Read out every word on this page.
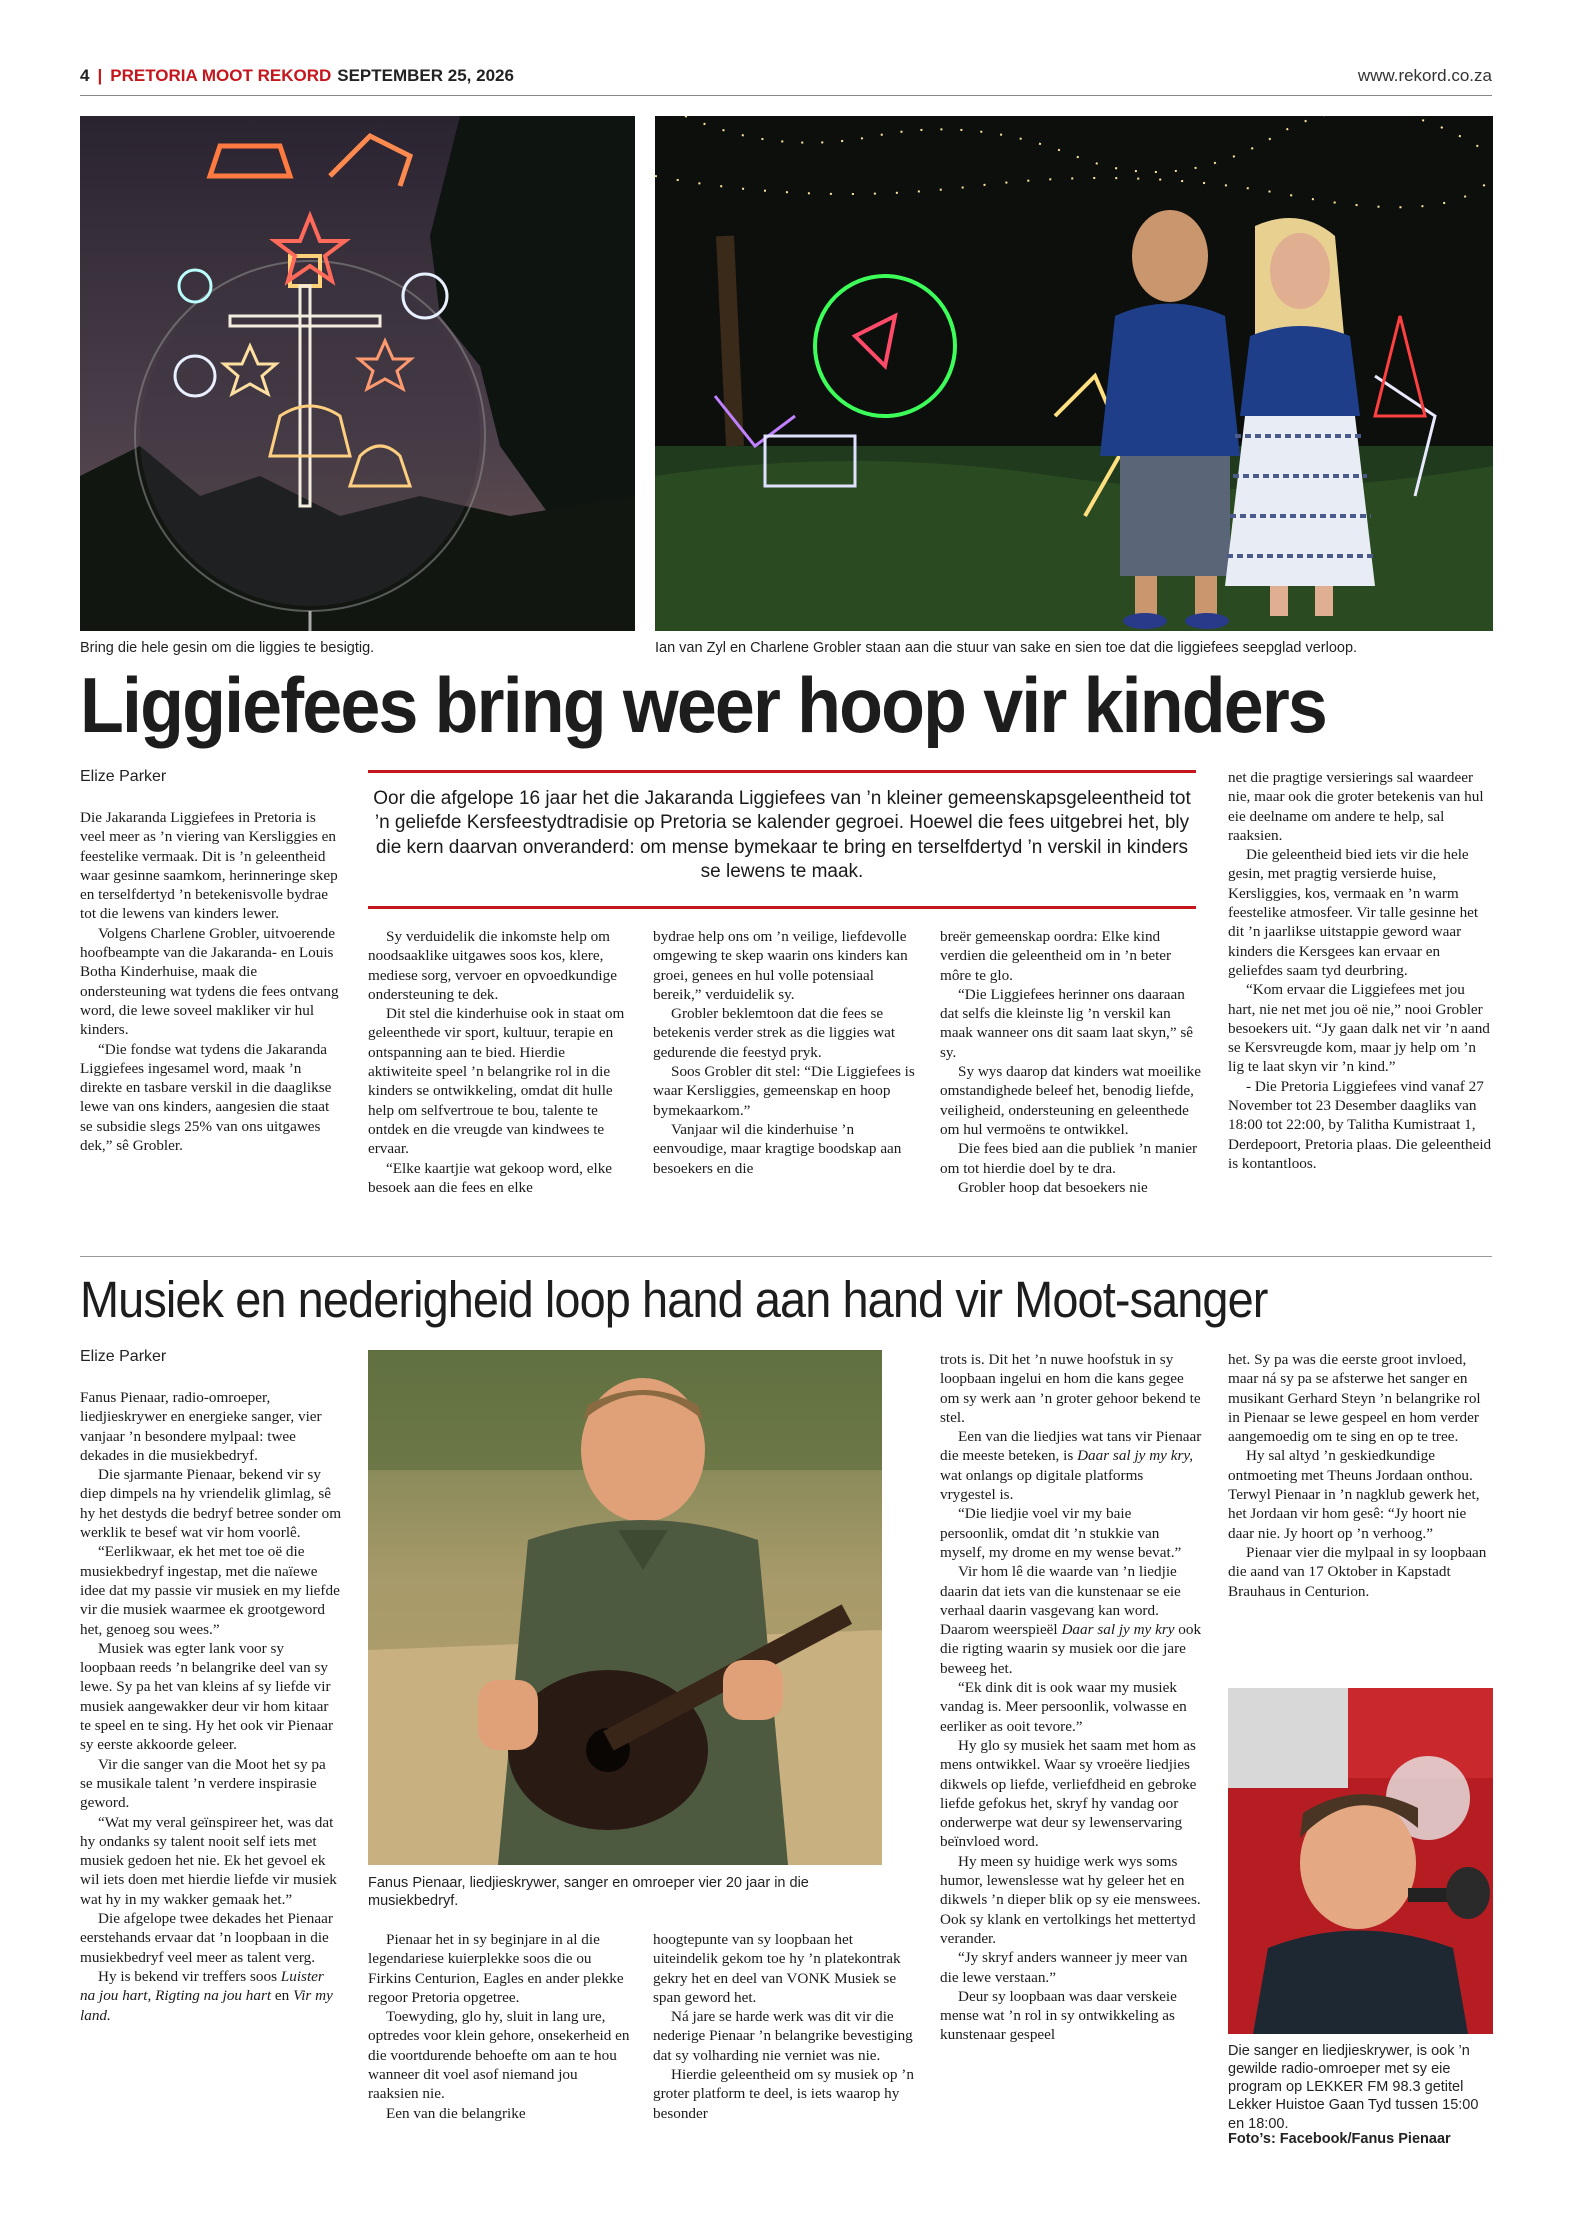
4 | PRETORIA MOOT REKORD SEPTEMBER 25, 2026	www.rekord.co.za
Bring die hele gesin om die liggies te besigtig.	Ian van Zyl en Charlene Grobler staan aan die stuur van sake en sien toe dat die liggiefees seepglad verloop.
Liggiefees bring weer hoop vir kinders
Elize Parker
Oor die afgelope 16 jaar het die Jakaranda Liggiefees van ’n kleiner gemeenskapsgeleentheid tot ’n geliefde Kersfeestydtradisie op Pretoria se kalender gegroei. Hoewel die fees uitgebrei het, bly die kern daarvan onveranderd: om mense bymekaar te bring en terselfdertyd ’n verskil in kinders se lewens te maak.

Die Jakaranda Liggiefees in Pretoria is veel meer as ’n viering van Kersliggies en feestelike vermaak. Dit is ’n geleentheid waar gesinne saamkom, herinneringe skep en terselfdertyd ’n betekenisvolle bydrae tot die lewens van kinders lewer.

Volgens Charlene Grobler, uitvoerende hoofbeampte van die Jakaranda- en Louis Botha Kinderhuise, maak die ondersteuning wat tydens die fees ontvang word, die lewe soveel makliker vir hul kinders.

“Die fondse wat tydens die Jakaranda Liggiefees ingesamel word, maak ’n direkte en tasbare verskil in die daaglikse lewe van ons kinders, aangesien die staat se subsidie slegs 25% van ons uitgawes dek,” sê Grobler.

Sy verduidelik die inkomste help om noodsaaklike uitgawes soos kos, klere, mediese sorg, vervoer en opvoedkundige ondersteuning te dek.

Dit stel die kinderhuise ook in staat om geleenthede vir sport, kultuur, terapie en ontspanning aan te bied. Hierdie aktiwiteite speel ’n belangrike rol in die kinders se ontwikkeling, omdat dit hulle help om selfvertroue te bou, talente te ontdek en die vreugde van kindwees te ervaar.

“Elke kaartjie wat gekoop word, elke besoek aan die fees en elke

bydrae help ons om ’n veilige, liefdevolle omgewing te skep waarin ons kinders kan groei, genees en hul volle potensiaal bereik,” verduidelik sy.

Grobler beklemtoon dat die fees se betekenis verder strek as die liggies wat gedurende die feestyd pryk.

Soos Grobler dit stel: “Die Liggiefees is waar Kersliggies, gemeenskap en hoop bymekaarkom.”

Vanjaar wil die kinderhuise ’n eenvoudige, maar kragtige boodskap aan besoekers en die

breër gemeenskap oordra: Elke kind verdien die geleentheid om in ’n beter môre te glo.

“Die Liggiefees herinner ons daaraan dat selfs die kleinste lig ’n verskil kan maak wanneer ons dit saam laat skyn,” sê sy.

Sy wys daarop dat kinders wat moeilike omstandighede beleef het, benodig liefde, veiligheid, ondersteuning en geleenthede om hul vermoëns te ontwikkel.

Die fees bied aan die publiek ’n manier om tot hierdie doel by te dra.

Grobler hoop dat besoekers nie

net die pragtige versierings sal waardeer nie, maar ook die groter betekenis van hul eie deelname om andere te help, sal raaksien.

Die geleentheid bied iets vir die hele gesin, met pragtig versierde huise, Kersliggies, kos, vermaak en ’n warm feestelike atmosfeer. Vir talle gesinne het dit ’n jaarlikse uitstappie geword waar kinders die Kersgees kan ervaar en geliefdes saam tyd deurbring.

“Kom ervaar die Liggiefees met jou hart, nie net met jou oë nie,” nooi Grobler besoekers uit. “Jy gaan dalk net vir ’n aand se Kersvreugde kom, maar jy help om ’n lig te laat skyn vir ’n kind.”

- Die Pretoria Liggiefees vind vanaf 27 November tot 23 Desember daagliks van 18:00 tot 22:00, by Talitha Kumistraat 1, Derdepoort, Pretoria plaas. Die geleentheid is kontantloos.

Musiek en nederigheid loop hand aan hand vir Moot-sanger
Elize Parker

Fanus Pienaar, radio-omroeper, liedjieskrywer en energieke sanger, vier vanjaar ’n besondere mylpaal: twee dekades in die musiekbedryf.

Die sjarmante Pienaar, bekend vir sy diep dimpels na hy vriendelik glimlag, sê hy het destyds die bedryf betree sonder om werklik te besef wat vir hom voorlê.

“Eerlikwaar, ek het met toe oë die musiekbedryf ingestap, met die naïewe idee dat my passie vir musiek en my liefde vir die musiek waarmee ek grootgeword het, genoeg sou wees.”

Musiek was egter lank voor sy loopbaan reeds ’n belangrike deel van sy lewe. Sy pa het van kleins af sy liefde vir musiek aangewakker deur vir hom kitaar te speel en te sing. Hy het ook vir Pienaar sy eerste akkoorde geleer.

Vir die sanger van die Moot het sy pa se musikale talent ’n verdere inspirasie geword.

“Wat my veral geïnspireer het, was dat hy ondanks sy talent nooit self iets met musiek gedoen het nie. Ek het gevoel ek wil iets doen met hierdie liefde vir musiek wat hy in my wakker gemaak het.”

Die afgelope twee dekades het Pienaar eerstehands ervaar dat ’n loopbaan in die musiekbedryf veel meer as talent verg.

Hy is bekend vir treffers soos Luister na jou hart, Rigting na jou hart en Vir my land.

Fanus Pienaar, liedjieskrywer, sanger en omroeper vier 20 jaar in die musiekbedryf.

Pienaar het in sy beginjare in al die legendariese kuierplekke soos die ou Firkins Centurion, Eagles en ander plekke regoor Pretoria opgetree.

Toewyding, glo hy, sluit in lang ure, optredes voor klein gehore, onsekerheid en die voortdurende behoefte om aan te hou wanneer dit voel asof niemand jou raaksien nie.

Een van die belangrike

hoogtepunte van sy loopbaan het uiteindelik gekom toe hy ’n platekontrak gekry het en deel van VONK Musiek se span geword het.

Ná jare se harde werk was dit vir die nederige Pienaar ’n belangrike bevestiging dat sy volharding nie verniet was nie.

Hierdie geleentheid om sy musiek op ’n groter platform te deel, is iets waarop hy besonder

trots is. Dit het ’n nuwe hoofstuk in sy loopbaan ingelui en hom die kans gegee om sy werk aan ’n groter gehoor bekend te stel.

Een van die liedjies wat tans vir Pienaar die meeste beteken, is Daar sal jy my kry, wat onlangs op digitale platforms vrygestel is.

“Die liedjie voel vir my baie persoonlik, omdat dit ’n stukkie van myself, my drome en my wense bevat.”

Vir hom lê die waarde van ’n liedjie daarin dat iets van die kunstenaar se eie verhaal daarin vasgevang kan word. Daarom weerspieël Daar sal jy my kry ook die rigting waarin sy musiek oor die jare beweeg het.

“Ek dink dit is ook waar my musiek vandag is. Meer persoonlik, volwasse en eerliker as ooit tevore.”

Hy glo sy musiek het saam met hom as mens ontwikkel. Waar sy vroeëre liedjies dikwels op liefde, verliefdheid en gebroke liefde gefokus het, skryf hy vandag oor onderwerpe wat deur sy lewenservaring beïnvloed word.

Hy meen sy huidige werk wys soms humor, lewenslesse wat hy geleer het en dikwels ’n dieper blik op sy eie menswees. Ook sy klank en vertolkings het mettertyd verander.

“Jy skryf anders wanneer jy meer van die lewe verstaan.”

Deur sy loopbaan was daar verskeie mense wat ’n rol in sy ontwikkeling as kunstenaar gespeel

het. Sy pa was die eerste groot invloed, maar ná sy pa se afsterwe het sanger en musikant Gerhard Steyn ’n belangrike rol in Pienaar se lewe gespeel en hom verder aangemoedig om te sing en op te tree.

Hy sal altyd ’n geskiedkundige ontmoeting met Theuns Jordaan onthou. Terwyl Pienaar in ’n nagklub gewerk het, het Jordaan vir hom gesê: “Jy hoort nie daar nie. Jy hoort op ’n verhoog.”

Pienaar vier die mylpaal in sy loopbaan die aand van 17 Oktober in Kapstadt Brauhaus in Centurion.

Die sanger en liedjieskrywer, is ook ’n gewilde radio-omroeper met sy eie program op LEKKER FM 98.3 getitel Lekker Huistoe Gaan Tyd tussen 15:00 en 18:00.
Foto’s: Facebook/Fanus Pienaar
